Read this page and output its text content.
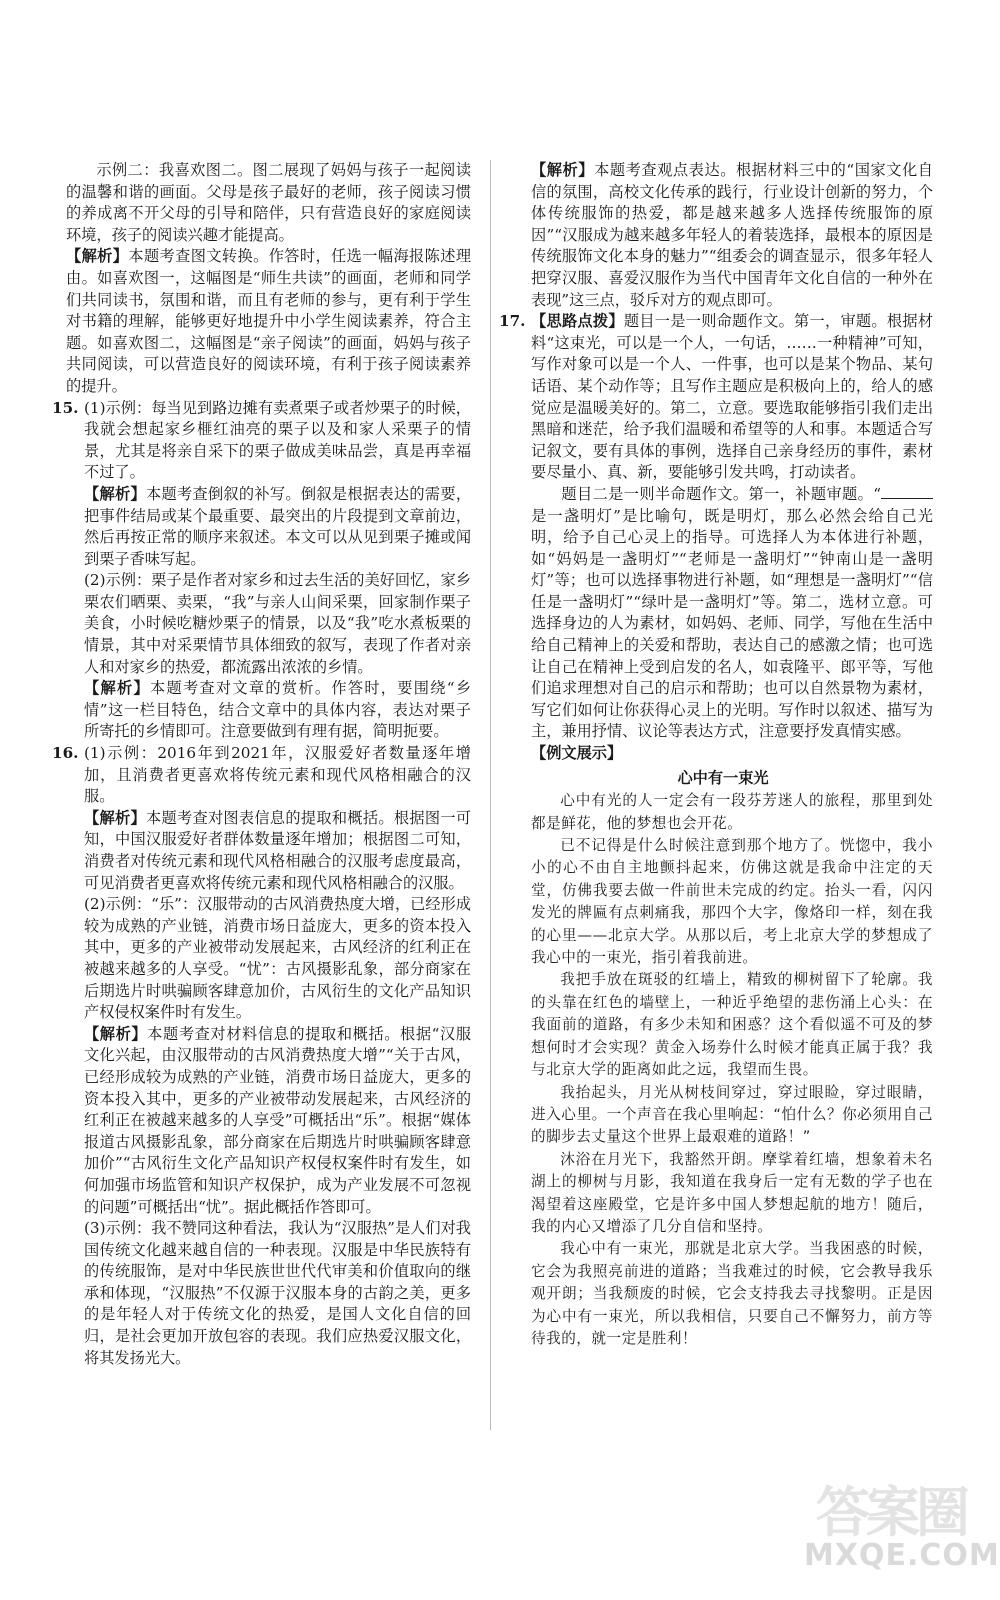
示例二：我喜欢图二。图二展现了妈妈与孩子一起阅读的温馨和谐的画面。父母是孩子最好的老师，孩子阅读习惯的养成离不开父母的引导和陪伴，只有营造良好的家庭阅读环境，孩子的阅读兴趣才能提高。

【解析】本题考查图文转换。作答时，任选一幅海报陈述理由。如喜欢图一，这幅图是“师生共读”的画面，老师和同学们共同读书，氛围和谐，而且有老师的参与，更有利于学生对书籍的理解，能够更好地提升中小学生阅读素养，符合主题。如喜欢图二，这幅图是“亲子阅读”的画面，妈妈与孩子共同阅读，可以营造良好的阅读环境，有利于孩子阅读素养的提升。

15. (1)示例：每当见到路边摊有卖煮栗子或者炒栗子的时候，我就会想起家乡榧红油亮的栗子以及和家人采栗子的情景，尤其是将亲自采下的栗子做成美味品尝，真是再幸福不过了。

【解析】本题考查倒叙的补写。倒叙是根据表达的需要，把事件结局或某个最重要、最突出的片段提到文章前边，然后再按正常的顺序来叙述。本文可以从见到栗子摊或闻到栗子香味写起。

(2)示例：栗子是作者对家乡和过去生活的美好回忆，家乡栗农们晒栗、卖栗，“我”与亲人山间采栗，回家制作栗子美食，小时候吃糖炒栗子的情景，以及“我”吃水煮板栗的情景，其中对采栗情节具体细致的叙写，表现了作者对亲人和对家乡的热爱，都流露出浓浓的乡情。

【解析】本题考查对文章的赏析。作答时，要围绕“乡情”这一栏目特色，结合文章中的具体内容，表达对栗子所寄托的乡情即可。注意要做到有理有据，简明扼要。

16. (1)示例：2016年到2021年，汉服爱好者数量逐年增加，且消费者更喜欢将传统元素和现代风格相融合的汉服。

【解析】本题考查对图表信息的提取和概括。根据图一可知，中国汉服爱好者群体数量逐年增加；根据图二可知，消费者对传统元素和现代风格相融合的汉服考虑度最高，可见消费者更喜欢将传统元素和现代风格相融合的汉服。

(2)示例：“乐”：汉服带动的古风消费热度大增，已经形成较为成熟的产业链，消费市场日益庞大，更多的资本投入其中，更多的产业被带动发展起来，古风经济的红利正在被越来越多的人享受。“忧”：古风摄影乱象，部分商家在后期选片时哄骗顾客肆意加价，古风衍生的文化产品知识产权侵权案件时有发生。

【解析】本题考查对材料信息的提取和概括。根据“汉服文化兴起，由汉服带动的古风消费热度大增”“关于古风，已经形成较为成熟的产业链，消费市场日益庞大，更多的资本投入其中，更多的产业被带动发展起来，古风经济的红利正在被越来越多的人享受”可概括出“乐”。根据“媒体报道古风摄影乱象，部分商家在后期选片时哄骗顾客肆意加价”“古风衍生文化产品知识产权侵权案件时有发生，如何加强市场监管和知识产权保护，成为产业发展不可忽视的问题”可概括出“忧”。据此概括作答即可。

(3)示例：我不赞同这种看法，我认为“汉服热”是人们对我国传统文化越来越自信的一种表现。汉服是中华民族特有的传统服饰，是对中华民族世世代代审美和价值取向的继承和体现，“汉服热”不仅源于汉服本身的古韵之美，更多的是年轻人对于传统文化的热爱，是国人文化自信的回归，是社会更加开放包容的表现。我们应热爱汉服文化，将其发扬光大。

【解析】本题考查观点表达。根据材料三中的“国家文化自信的氛围，高校文化传承的践行，行业设计创新的努力，个体传统服饰的热爱，都是越来越多人选择传统服饰的原因”“汉服成为越来越多年轻人的着装选择，最根本的原因是传统服饰文化本身的魅力”“组委会的调查显示，很多年轻人把穿汉服、喜爱汉服作为当代中国青年文化自信的一种外在表现”这三点，驳斥对方的观点即可。

17. 【思路点拨】题目一是一则命题作文。第一，审题。根据材料“这束光，可以是一个人，一句话，……一种精神”可知，写作对象可以是一个人、一件事，也可以是某个物品、某句话语、某个动作等；且写作主题应是积极向上的，给人的感觉应是温暖美好的。第二，立意。要选取能够指引我们走出黑暗和迷茫，给予我们温暖和希望等的人和事。本题适合写记叙文，要有具体的事例，选择自己亲身经历的事件，素材要尽量小、真、新，要能够引发共鸣，打动读者。

题目二是一则半命题作文。第一，补题审题。“是一盏明灯”是比喻句，既是明灯，那么必然会给自己光明，给予自己心灵上的指导。可选择人为本体进行补题，如“妈妈是一盏明灯”“老师是一盏明灯”“钟南山是一盏明灯”等；也可以选择事物进行补题，如“理想是一盏明灯”“信任是一盏明灯”“绿叶是一盏明灯”等。第二，选材立意。可选择身边的人为素材，如妈妈、老师、同学，写他在生活中给自己精神上的关爱和帮助，表达自己的感激之情；也可选让自己在精神上受到启发的名人，如袁隆平、郎平等，写他们追求理想对自己的启示和帮助；也可以自然景物为素材，写它们如何让你获得心灵上的光明。写作时以叙述、描写为主，兼用抒情、议论等表达方式，注意要抒发真情实感。

【例文展示】

心中有一束光

心中有光的人一定会有一段芬芳迷人的旅程，那里到处都是鲜花，他的梦想也会开花。

已不记得是什么时候注意到那个地方了。恍惚中，我小小的心不由自主地颤抖起来，仿佛这就是我命中注定的天堂，仿佛我要去做一件前世未完成的约定。抬头一看，闪闪发光的牌匾有点刺痛我，那四个大字，像烙印一样，刻在我的心里——北京大学。从那以后，考上北京大学的梦想成了我心中的一束光，指引着我前进。

我把手放在斑驳的红墙上，精致的柳树留下了轮廓。我的头靠在红色的墙壁上，一种近乎绝望的悲伤涌上心头：在我面前的道路，有多少未知和困惑？这个看似遥不可及的梦想何时才会实现？黄金入场券什么时候才能真正属于我？我与北京大学的距离如此之远，我望而生畏。

我抬起头，月光从树枝间穿过，穿过眼睑，穿过眼睛，进入心里。一个声音在我心里响起：“怕什么？你必须用自己的脚步去丈量这个世界上最艰难的道路！”

沐浴在月光下，我豁然开朗。摩挲着红墙，想象着未名湖上的柳树与月影，我知道在我身后一定有无数的学子也在渴望着这座殿堂，它是许多中国人梦想起航的地方！随后，我的内心又增添了几分自信和坚持。

我心中有一束光，那就是北京大学。当我困惑的时候，它会为我照亮前进的道路；当我难过的时候，它会教导我乐观开朗；当我颓废的时候，它会支持我去寻找黎明。正是因为心中有一束光，所以我相信，只要自己不懈努力，前方等待我的，就一定是胜利！

答案圈
MXQE.COM
